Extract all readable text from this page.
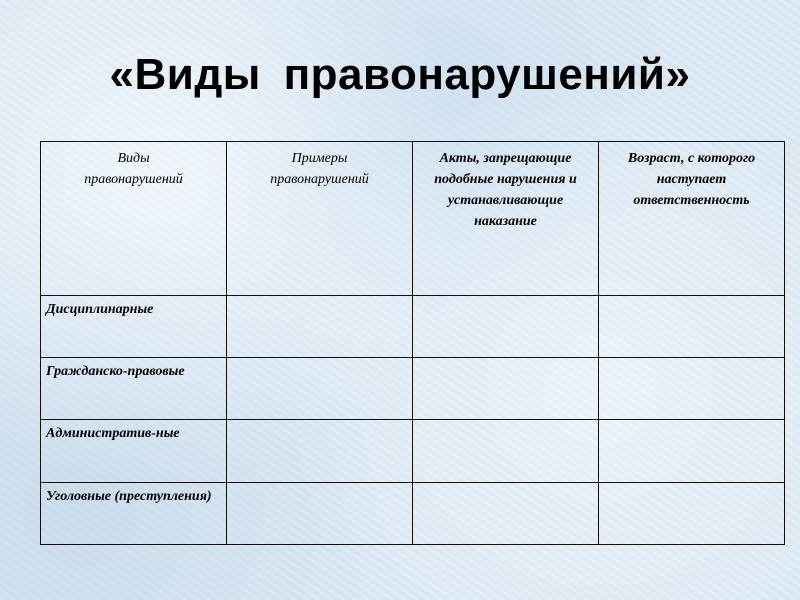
«Виды правонарушений»
Виды правонарушений	Примеры правонарушений	Акты, запрещающие подобные нарушения и устанавливающие наказание	Возраст, с которого наступает ответственность
Дисциплинарные			
Гражданско-правовые			
Административ-ные			
Уголовные (преступления)			
